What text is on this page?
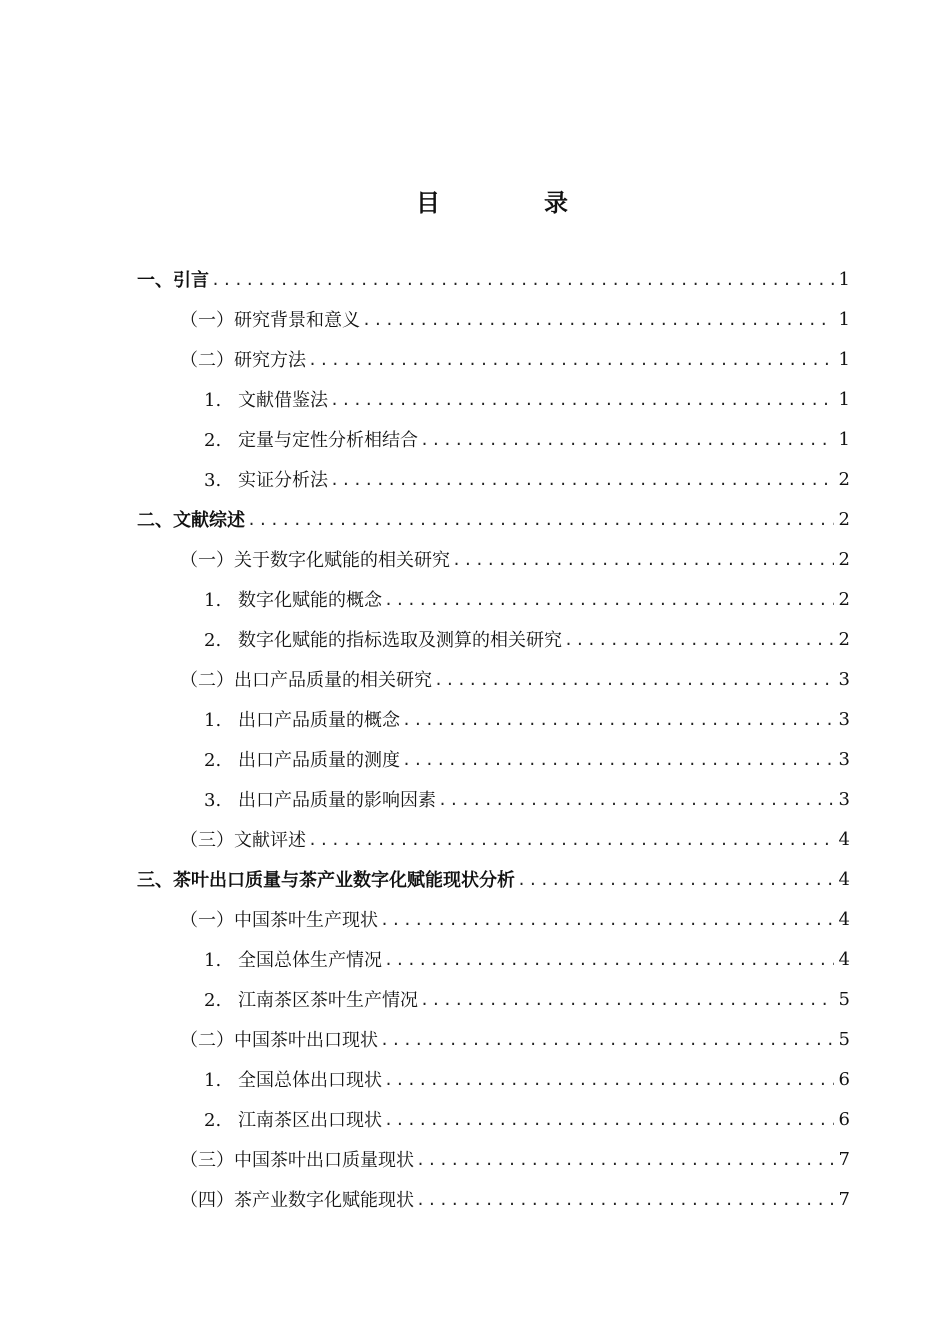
目	录
一、引言 .....	1
（一）研究背景和意义 .....	1
（二）研究方法 .....	1
1. 文献借鉴法 .....	1
2. 定量与定性分析相结合 .....	1
3. 实证分析法 .....	2
二、文献综述 .....	2
（一）关于数字化赋能的相关研究 .....	2
1. 数字化赋能的概念 .....	2
2. 数字化赋能的指标选取及测算的相关研究 .....	2
（二）出口产品质量的相关研究 .....	3
1. 出口产品质量的概念 .....	3
2. 出口产品质量的测度 .....	3
3. 出口产品质量的影响因素 .....	3
（三）文献评述 .....	4
三、茶叶出口质量与茶产业数字化赋能现状分析 .....	4
（一）中国茶叶生产现状 .....	4
1. 全国总体生产情况 .....	4
2. 江南茶区茶叶生产情况 .....	5
（二）中国茶叶出口现状 .....	5
1. 全国总体出口现状 .....	6
2. 江南茶区出口现状 .....	6
（三）中国茶叶出口质量现状 .....	7
（四）茶产业数字化赋能现状 .....	7
